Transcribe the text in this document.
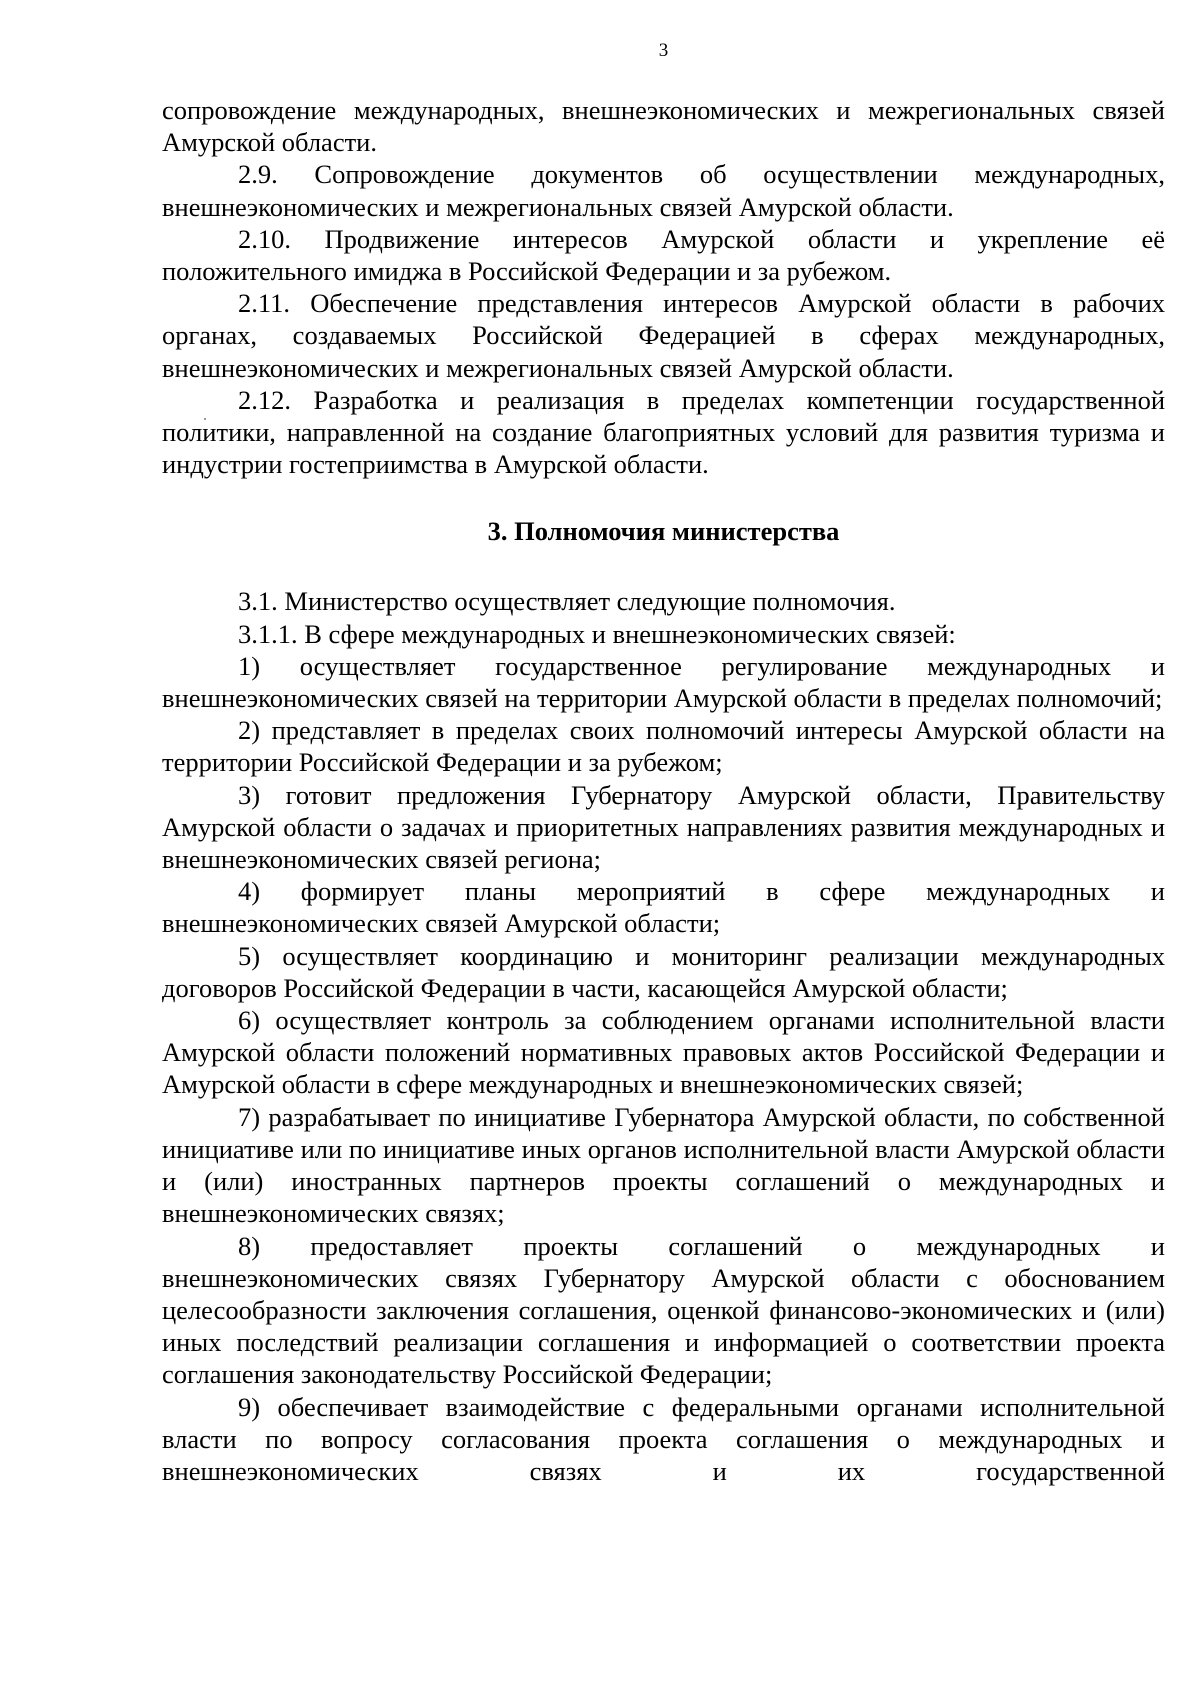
3

сопровождение международных, внешнеэкономических и межрегиональных связей Амурской области.

2.9. Сопровождение документов об осуществлении международных, внешнеэкономических и межрегиональных связей Амурской области.

2.10. Продвижение интересов Амурской области и укрепление её положительного имиджа в Российской Федерации и за рубежом.

2.11. Обеспечение представления интересов Амурской области в рабочих органах, создаваемых Российской Федерацией в сферах международных, внешнеэкономических и межрегиональных связей Амурской области.

2.12. Разработка и реализация в пределах компетенции государственной политики, направленной на создание благоприятных условий для развития туризма и индустрии гостеприимства в Амурской области.

3. Полномочия министерства

3.1. Министерство осуществляет следующие полномочия.

3.1.1. В сфере международных и внешнеэкономических связей:

1) осуществляет государственное регулирование международных и внешнеэкономических связей на территории Амурской области в пределах полномочий;

2) представляет в пределах своих полномочий интересы Амурской области на территории Российской Федерации и за рубежом;

3) готовит предложения Губернатору Амурской области, Правительству Амурской области о задачах и приоритетных направлениях развития международных и внешнеэкономических связей региона;

4) формирует планы мероприятий в сфере международных и внешнеэкономических связей Амурской области;

5) осуществляет координацию и мониторинг реализации международных договоров Российской Федерации в части, касающейся Амурской области;

6) осуществляет контроль за соблюдением органами исполнительной власти Амурской области положений нормативных правовых актов Российской Федерации и Амурской области в сфере международных и внешнеэкономических связей;

7) разрабатывает по инициативе Губернатора Амурской области, по собственной инициативе или по инициативе иных органов исполнительной власти Амурской области и (или) иностранных партнеров проекты соглашений о международных и внешнеэкономических связях;

8) предоставляет проекты соглашений о международных и внешнеэкономических связях Губернатору Амурской области с обоснованием целесообразности заключения соглашения, оценкой финансово-экономических и (или) иных последствий реализации соглашения и информацией о соответствии проекта соглашения законодательству Российской Федерации;

9) обеспечивает взаимодействие с федеральными органами исполнительной власти по вопросу согласования проекта соглашения о международных и внешнеэкономических связях и их государственной
